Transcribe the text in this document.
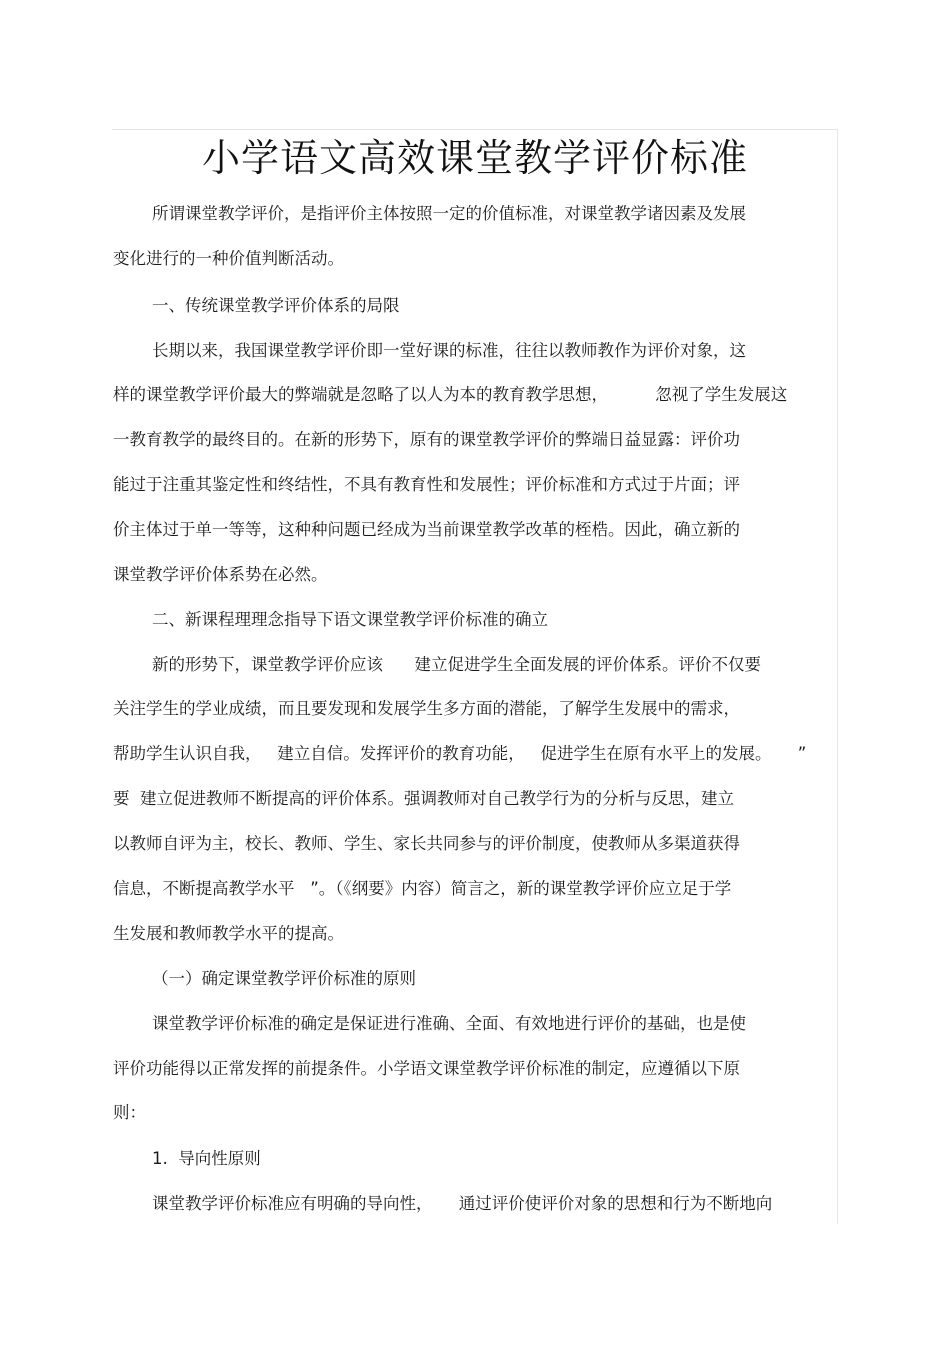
小学语文高效课堂教学评价标准
所谓课堂教学评价，是指评价主体按照一定的价值标准，对课堂教学诸因素及发展
变化进行的一种价值判断活动。
一、传统课堂教学评价体系的局限
长期以来，我国课堂教学评价即一堂好课的标准，往往以教师教作为评价对象，这
样的课堂教学评价最大的弊端就是忽略了以人为本的教育教学思想，         忽视了学生发展这
一教育教学的最终目的。在新的形势下，原有的课堂教学评价的弊端日益显露：评价功
能过于注重其鉴定性和终结性，不具有教育性和发展性；评价标准和方式过于片面；评
价主体过于单一等等，这种种问题已经成为当前课堂教学改革的桎梏。因此，确立新的
课堂教学评价体系势在必然。
二、新课程理理念指导下语文课堂教学评价标准的确立
新的形势下，课堂教学评价应该      建立促进学生全面发展的评价体系。评价不仅要
关注学生的学业成绩，而且要发现和发展学生多方面的潜能，了解学生发展中的需求，
帮助学生认识自我，   建立自信。发挥评价的教育功能，   促进学生在原有水平上的发展。     ”
要  建立促进教师不断提高的评价体系。强调教师对自己教学行为的分析与反思，建立
以教师自评为主，校长、教师、学生、家长共同参与的评价制度，使教师从多渠道获得
信息，不断提高教学水平   ”。（《纲要》内容）简言之，新的课堂教学评价应立足于学
生发展和教师教学水平的提高。
（一）确定课堂教学评价标准的原则
课堂教学评价标准的确定是保证进行准确、全面、有效地进行评价的基础，也是使
评价功能得以正常发挥的前提条件。小学语文课堂教学评价标准的制定，应遵循以下原
则：
1.  导向性原则
课堂教学评价标准应有明确的导向性，     通过评价使评价对象的思想和行为不断地向
